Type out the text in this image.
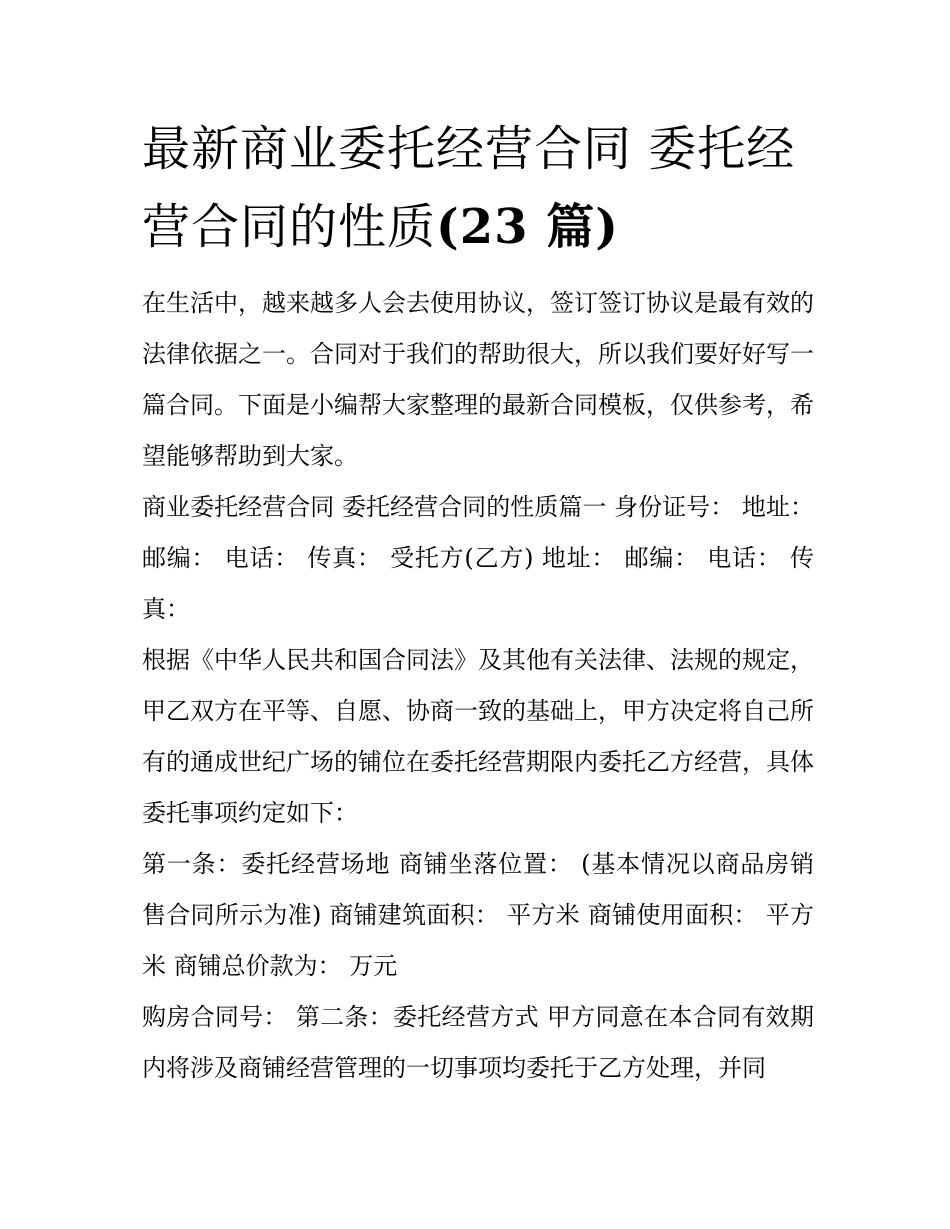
最新商业委托经营合同 委托经营合同的性质(23 篇)

在生活中，越来越多人会去使用协议，签订签订协议是最有效的法律依据之一。合同对于我们的帮助很大，所以我们要好好写一篇合同。下面是小编帮大家整理的最新合同模板，仅供参考，希望能够帮助到大家。

商业委托经营合同 委托经营合同的性质篇一 身份证号： 地址： 邮编： 电话： 传真： 受托方(乙方) 地址： 邮编： 电话： 传真：

根据《中华人民共和国合同法》及其他有关法律、法规的规定，甲乙双方在平等、自愿、协商一致的基础上，甲方决定将自己所有的通成世纪广场的铺位在委托经营期限内委托乙方经营，具体委托事项约定如下：

第一条：委托经营场地 商铺坐落位置： (基本情况以商品房销售合同所示为准) 商铺建筑面积： 平方米 商铺使用面积： 平方米 商铺总价款为： 万元

购房合同号： 第二条：委托经营方式 甲方同意在本合同有效期内将涉及商铺经营管理的一切事项均委托于乙方处理，并同
